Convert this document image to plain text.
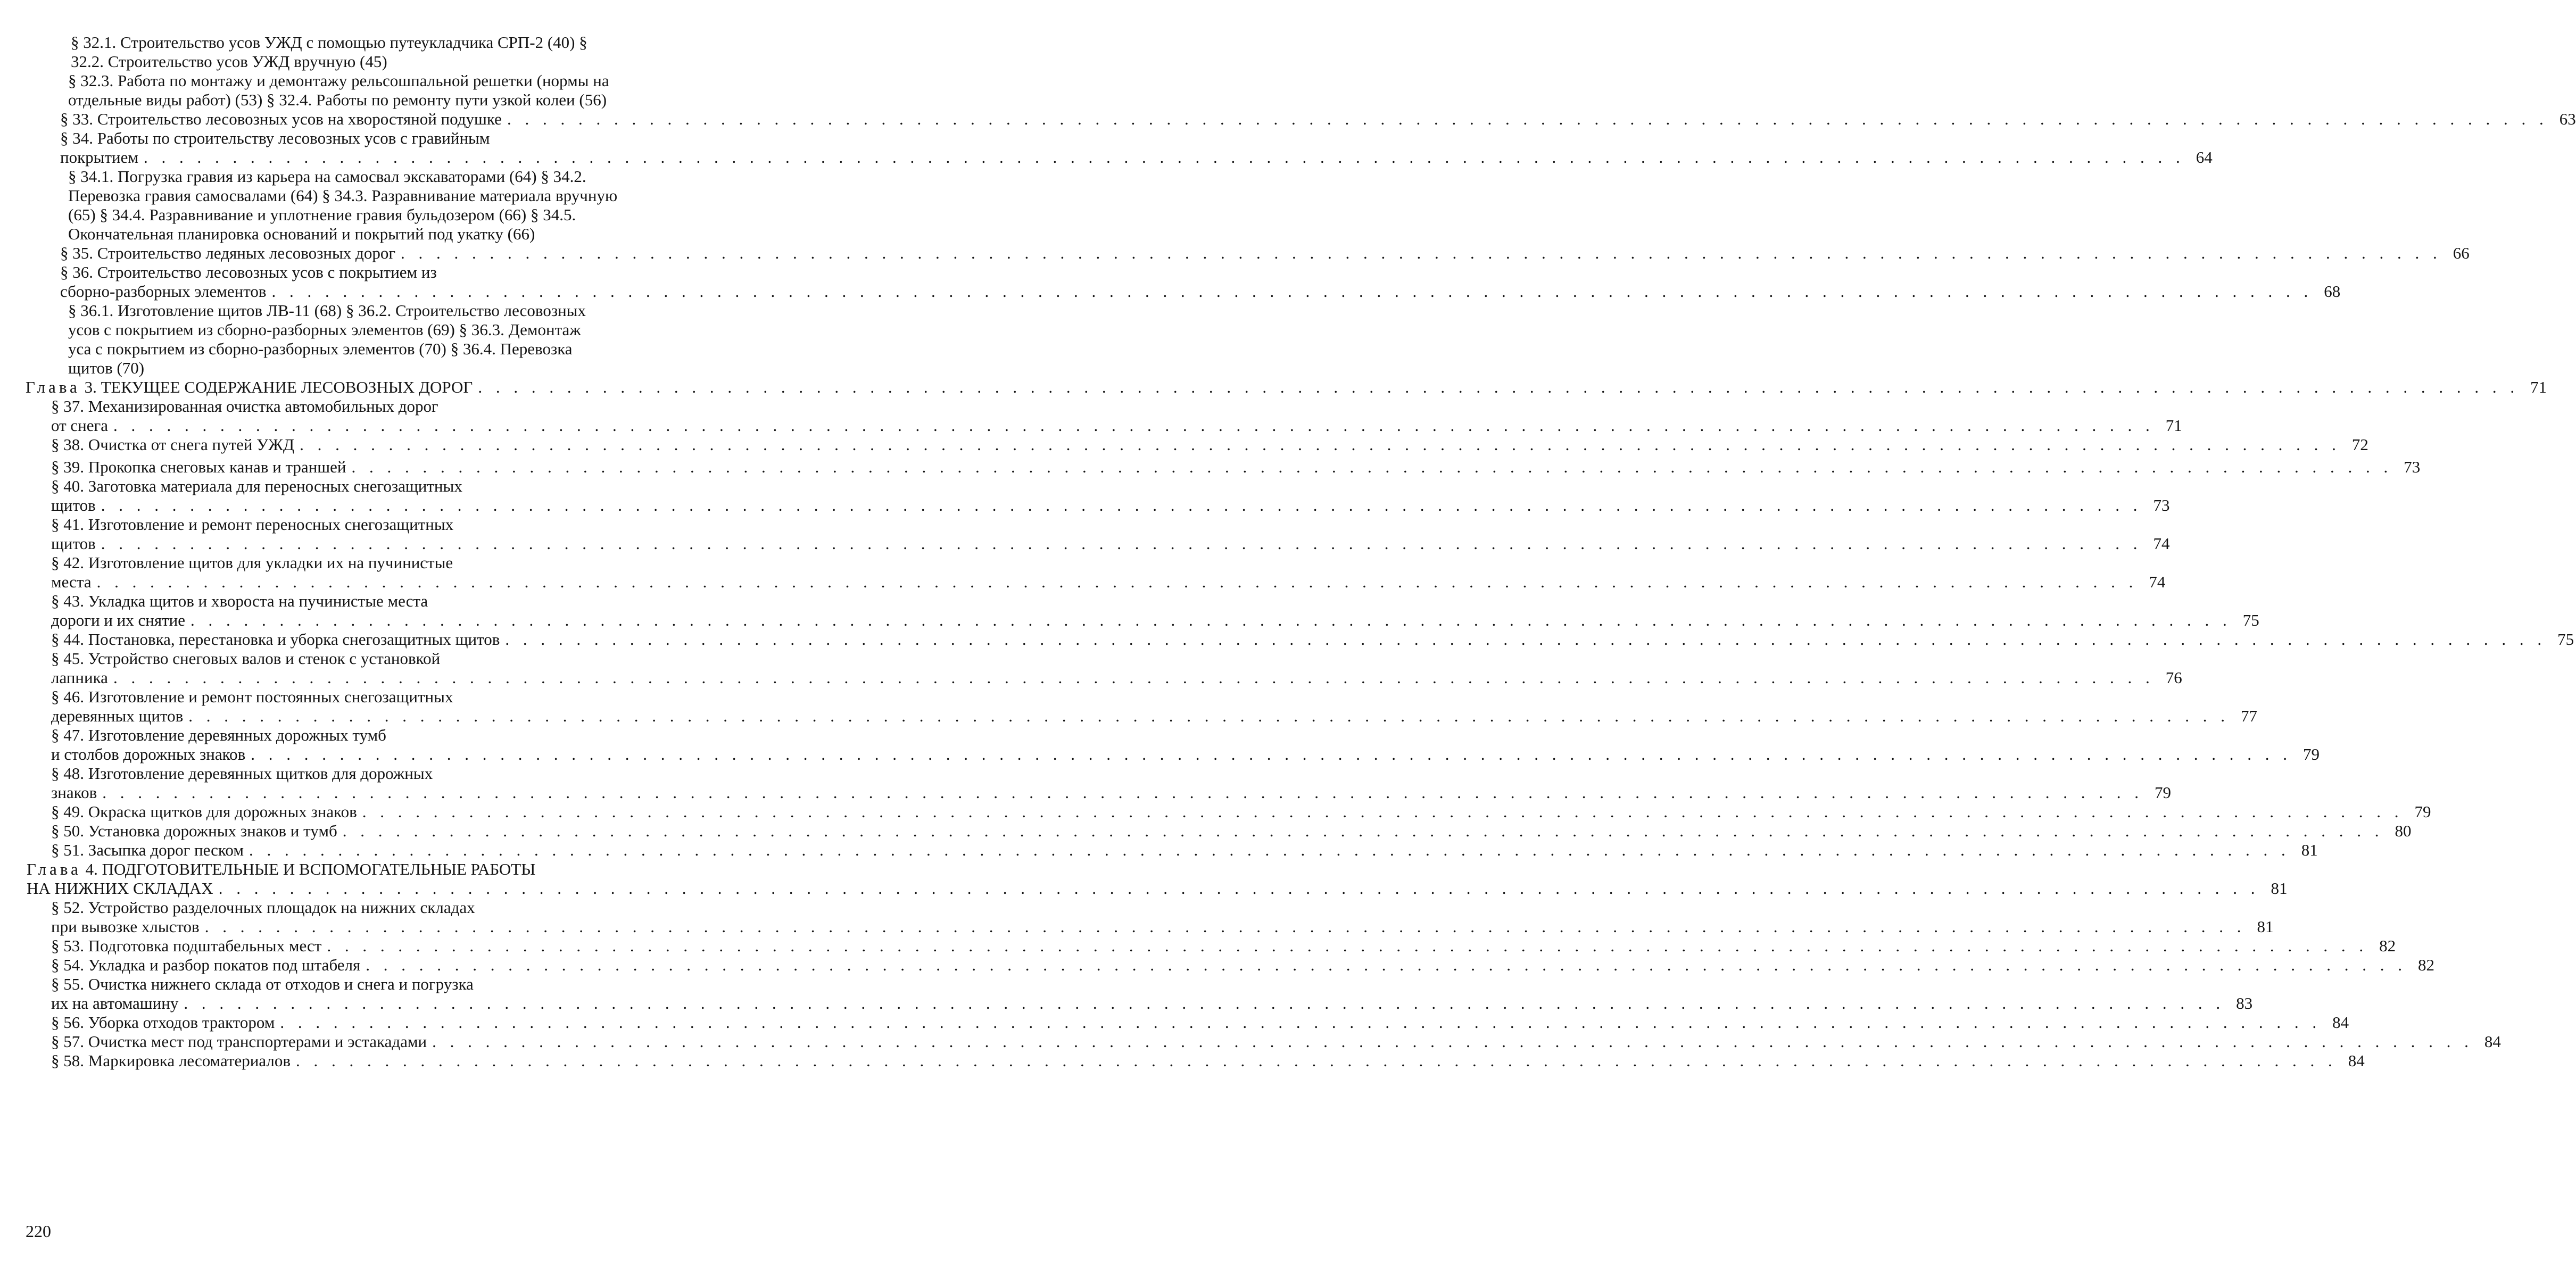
§ 32.1. Строительство усов УЖД с помощью путеукладчика СРП-2 (40) § 32.2. Строительство усов УЖД вручную (45)
§ 32.3. Работа по монтажу и демонтажу рельсошпальной решетки (нормы на отдельные виды работ) (53) § 32.4. Работы по ремонту пути узкой колеи (56)
§ 33. Строительство лесовозных усов на хворостяной подушке . . .	63
§ 34. Работы по строительству лесовозных усов с гравийным
покрытием . . .	64
§ 34.1. Погрузка гравия из карьера на самосвал экскаваторами (64) § 34.2. Перевозка гравия самосвалами (64) § 34.3. Разравнивание материала вручную (65) § 34.4. Разравнивание и уплотнение гравия бульдозером (66) § 34.5. Окончательная планировка оснований и покрытий под укатку (66)
§ 35. Строительство ледяных лесовозных дорог . . .	66
§ 36. Строительство лесовозных усов с покрытием из
сборно-разборных элементов . . .	68
§ 36.1. Изготовление щитов ЛВ-11 (68) § 36.2. Строительство лесовозных усов с покрытием из сборно-разборных элементов (69) § 36.3. Демонтаж уса с покрытием из сборно-разборных элементов (70) § 36.4. Перевозка щитов (70)
Глава 3. ТЕКУЩЕЕ СОДЕРЖАНИЕ ЛЕСОВОЗНЫХ ДОРОГ . . .	71
§ 37. Механизированная очистка автомобильных дорог
от снега . . .	71
§ 38. Очистка от снега путей УЖД . . .	72
§ 39. Прокопка снеговых канав и траншей . . .	73
§ 40. Заготовка материала для переносных снегозащитных
щитов . . .	73
§ 41. Изготовление и ремонт переносных снегозащитных
щитов . . .	74
§ 42. Изготовление щитов для укладки их на пучинистые
места . . .	74
§ 43. Укладка щитов и хвороста на пучинистые места
дороги и их снятие . . .	75
§ 44. Постановка, перестановка и уборка снегозащитных щитов . . .	75
§ 45. Устройство снеговых валов и стенок с установкой
лапника . . .	76
§ 46. Изготовление и ремонт постоянных снегозащитных
деревянных щитов . . .	77
§ 47. Изготовление деревянных дорожных тумб
и столбов дорожных знаков . . .	79
§ 48. Изготовление деревянных щитков для дорожных
знаков . . .	79
§ 49. Окраска щитков для дорожных знаков . . .	79
§ 50. Установка дорожных знаков и тумб . . .	80
§ 51. Засыпка дорог песком . . .	81
Глава 4. ПОДГОТОВИТЕЛЬНЫЕ И ВСПОМОГАТЕЛЬНЫЕ РАБОТЫ
НА НИЖНИХ СКЛАДАХ . . .	81
§ 52. Устройство разделочных площадок на нижних складах
при вывозке хлыстов . . .	81
§ 53. Подготовка подштабельных мест . . .	82
§ 54. Укладка и разбор покатов под штабеля . . .	82
§ 55. Очистка нижнего склада от отходов и снега и погрузка
их на автомашину . . .	83
§ 56. Уборка отходов трактором . . .	84
§ 57. Очистка мест под транспортерами и эстакадами . . .	84
§ 58. Маркировка лесоматериалов . . .	84
220
